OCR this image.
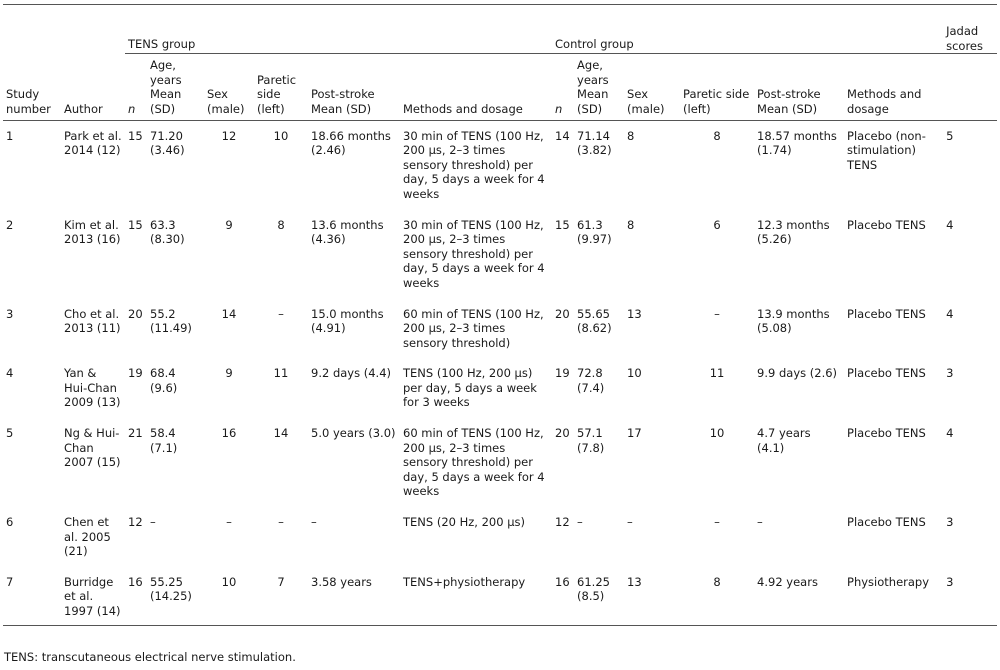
		TENS group						Control group						Jadad scores
Study number	Author	n	Age, years Mean (SD)	Sex (male)	Paretic side (left)	Post-stroke Mean (SD)	Methods and dosage	n	Age, years Mean (SD)	Sex (male)	Paretic side (left)	Post-stroke Mean (SD)	Methods and dosage	
1	Park et al. 2014 (12)	15	71.20 (3.46)	12	10	18.66 months (2.46)	30 min of TENS (100 Hz, 200 μs, 2–3 times sensory threshold) per day, 5 days a week for 4 weeks	14	71.14 (3.82)	8	8	18.57 months (1.74)	Placebo (non-stimulation) TENS	5
2	Kim et al. 2013 (16)	15	63.3 (8.30)	9	8	13.6 months (4.36)	30 min of TENS (100 Hz, 200 μs, 2–3 times sensory threshold) per day, 5 days a week for 4 weeks	15	61.3 (9.97)	8	6	12.3 months (5.26)	Placebo TENS	4
3	Cho et al. 2013 (11)	20	55.2 (11.49)	14	–	15.0 months (4.91)	60 min of TENS (100 Hz, 200 μs, 2–3 times sensory threshold)	20	55.65 (8.62)	13	–	13.9 months (5.08)	Placebo TENS	4
4	Yan & Hui-Chan 2009 (13)	19	68.4 (9.6)	9	11	9.2 days (4.4)	TENS (100 Hz, 200 μs) per day, 5 days a week for 3 weeks	19	72.8 (7.4)	10	11	9.9 days (2.6)	Placebo TENS	3
5	Ng & Hui-Chan 2007 (15)	21	58.4 (7.1)	16	14	5.0 years (3.0)	60 min of TENS (100 Hz, 200 μs, 2–3 times sensory threshold) per day, 5 days a week for 4 weeks	20	57.1 (7.8)	17	10	4.7 years (4.1)	Placebo TENS	4
6	Chen et al. 2005 (21)	12	–	–	–	–	TENS (20 Hz, 200 μs)	12	–	–	–	–	Placebo TENS	3
7	Burridge et al. 1997 (14)	16	55.25 (14.25)	10	7	3.58 years	TENS+physiotherapy	16	61.25 (8.5)	13	8	4.92 years	Physiotherapy	3
TENS: transcutaneous electrical nerve stimulation.
